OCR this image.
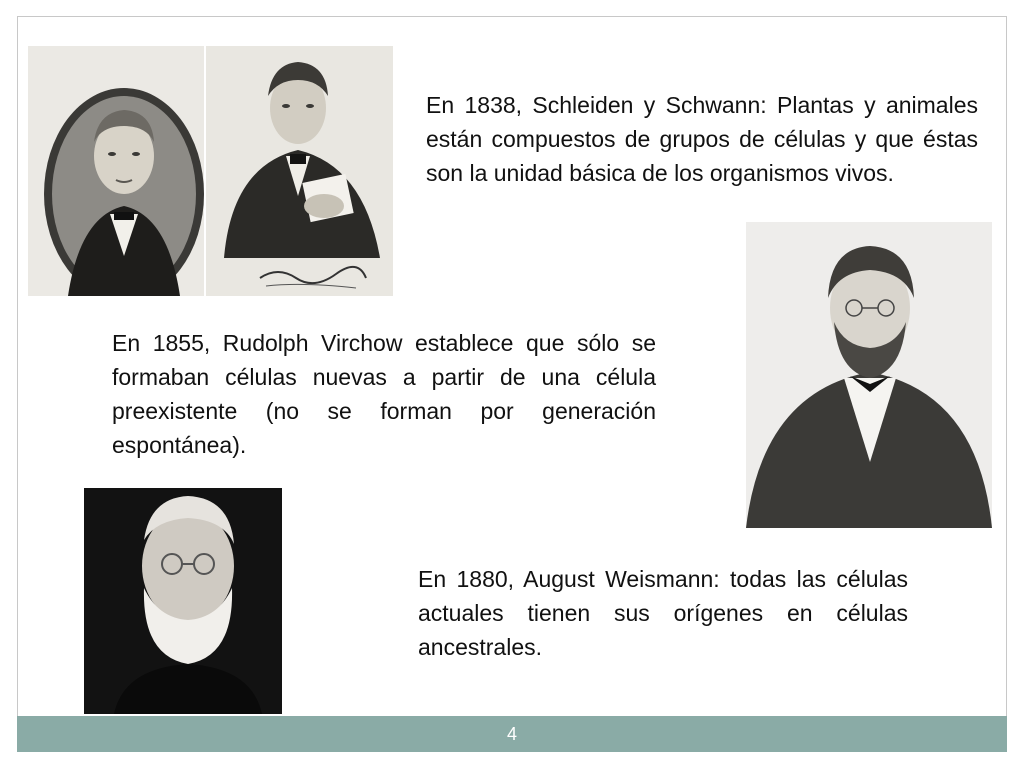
En 1838, Schleiden y Schwann: Plantas y animales están compuestos de grupos de células y que éstas son la unidad básica de los organismos vivos.

En 1855, Rudolph Virchow establece que sólo se formaban células nuevas a partir de una célula preexistente (no se forman por generación espontánea).

En 1880, August Weismann: todas las células actuales tienen sus orígenes en células ancestrales.

4
